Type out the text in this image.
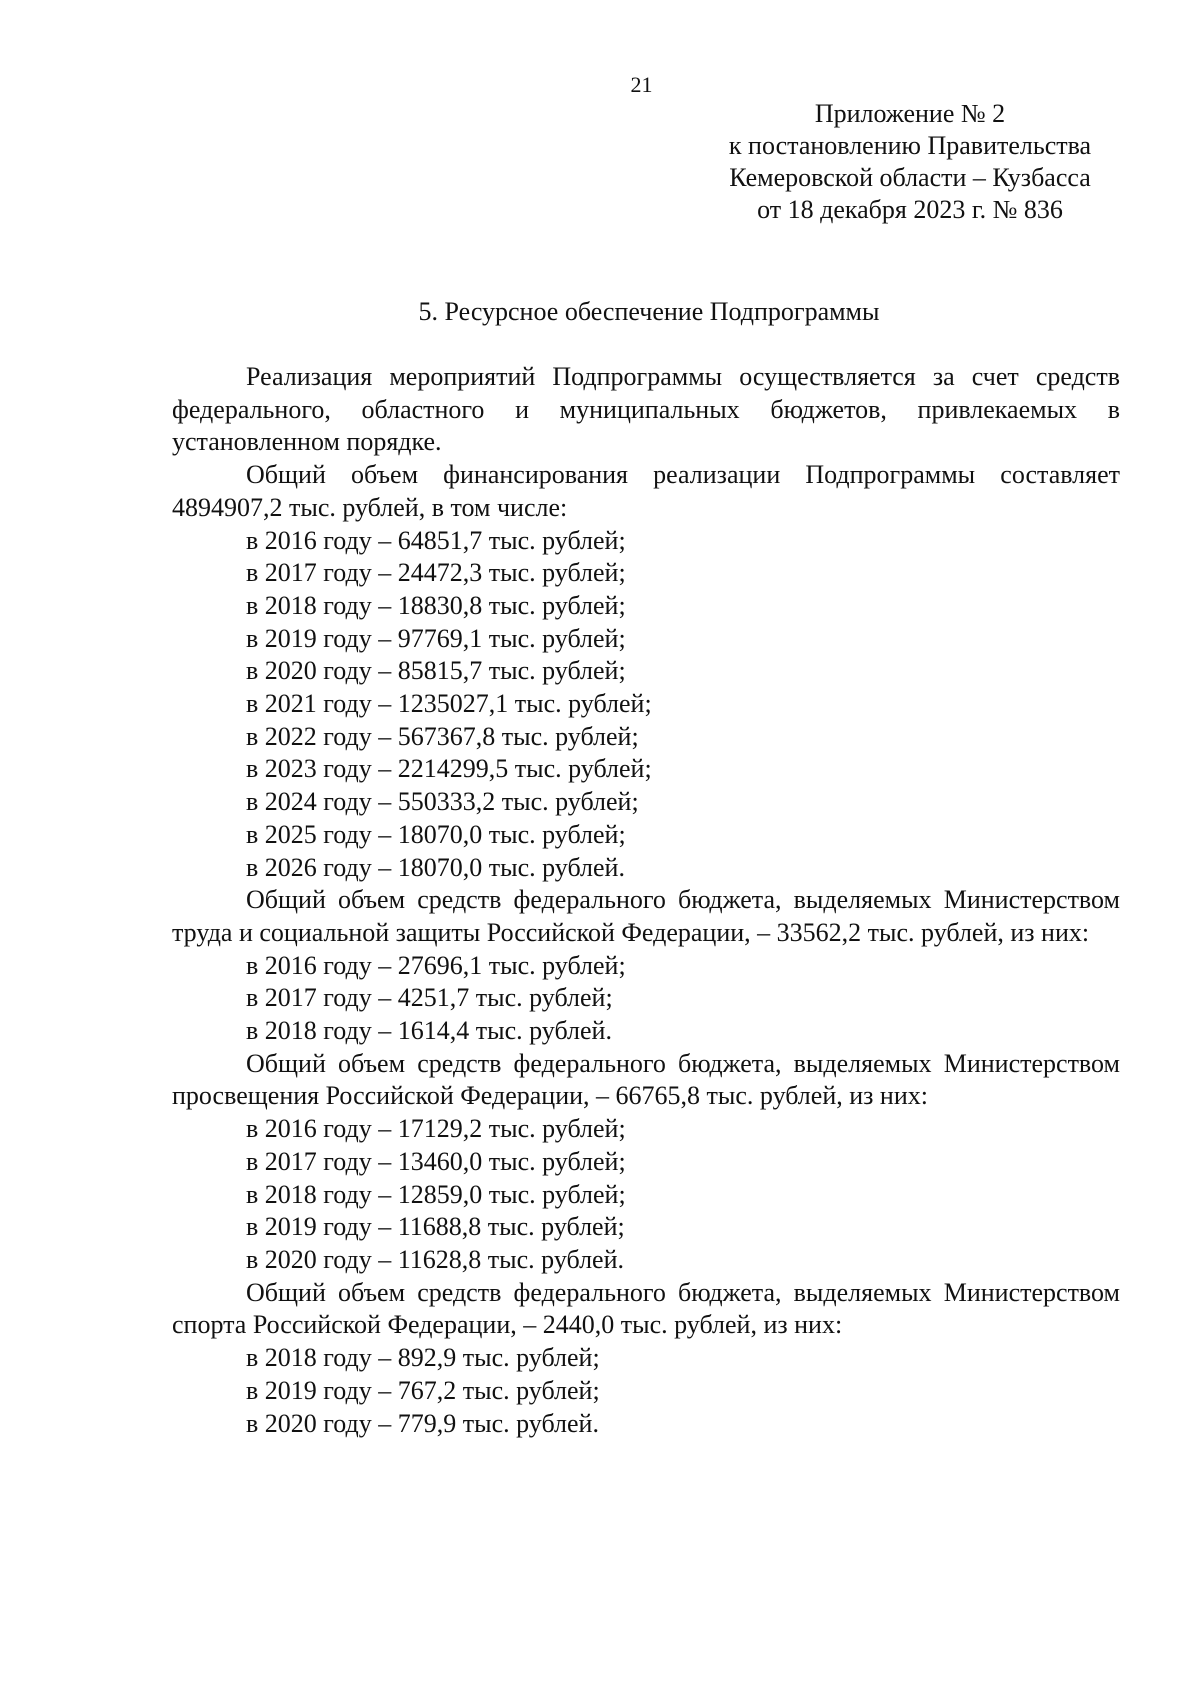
21
Приложение № 2
к постановлению Правительства
Кемеровской области – Кузбасса
от 18 декабря 2023 г. № 836
5. Ресурсное обеспечение Подпрограммы

Реализация мероприятий Подпрограммы осуществляется за счет средств федерального, областного и муниципальных бюджетов, привлекаемых в установленном порядке.

Общий объем финансирования реализации Подпрограммы составляет 4894907,2 тыс. рублей, в том числе:

в 2016 году – 64851,7 тыс. рублей;
в 2017 году – 24472,3 тыс. рублей;
в 2018 году – 18830,8 тыс. рублей;
в 2019 году – 97769,1 тыс. рублей;
в 2020 году – 85815,7 тыс. рублей;
в 2021 году – 1235027,1 тыс. рублей;
в 2022 году – 567367,8 тыс. рублей;
в 2023 году – 2214299,5 тыс. рублей;
в 2024 году – 550333,2 тыс. рублей;
в 2025 году – 18070,0 тыс. рублей;
в 2026 году – 18070,0 тыс. рублей.

Общий объем средств федерального бюджета, выделяемых Министерством труда и социальной защиты Российской Федерации, – 33562,2 тыс. рублей, из них:

в 2016 году – 27696,1 тыс. рублей;
в 2017 году – 4251,7 тыс. рублей;
в 2018 году – 1614,4 тыс. рублей.

Общий объем средств федерального бюджета, выделяемых Министерством просвещения Российской Федерации, – 66765,8 тыс. рублей, из них:

в 2016 году – 17129,2 тыс. рублей;
в 2017 году – 13460,0 тыс. рублей;
в 2018 году – 12859,0 тыс. рублей;
в 2019 году – 11688,8 тыс. рублей;
в 2020 году – 11628,8 тыс. рублей.

Общий объем средств федерального бюджета, выделяемых Министерством спорта Российской Федерации, – 2440,0 тыс. рублей, из них:

в 2018 году – 892,9 тыс. рублей;
в 2019 году – 767,2 тыс. рублей;
в 2020 году – 779,9 тыс. рублей.
